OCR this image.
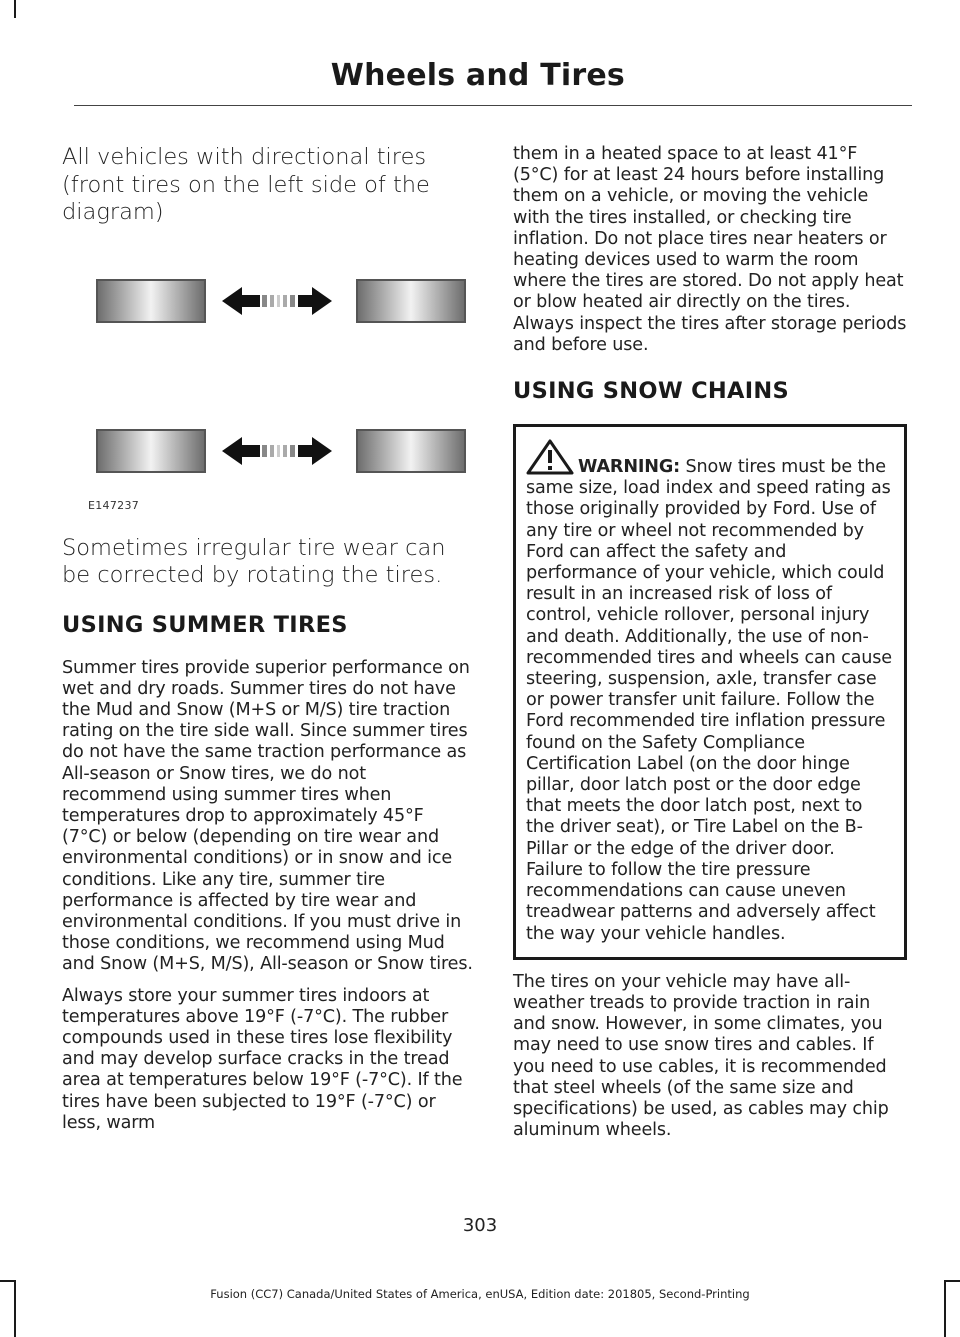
Wheels and Tires

All vehicles with directional tires (front tires on the left side of the diagram)

E147237

Sometimes irregular tire wear can be corrected by rotating the tires.

USING SUMMER TIRES

Summer tires provide superior performance on wet and dry roads. Summer tires do not have the Mud and Snow (M+S or M/S) tire traction rating on the tire side wall. Since summer tires do not have the same traction performance as All-season or Snow tires, we do not recommend using summer tires when temperatures drop to approximately 45°F (7°C) or below (depending on tire wear and environmental conditions) or in snow and ice conditions. Like any tire, summer tire performance is affected by tire wear and environmental conditions. If you must drive in those conditions, we recommend using Mud and Snow (M+S, M/S), All-season or Snow tires.

Always store your summer tires indoors at temperatures above 19°F (-7°C). The rubber compounds used in these tires lose flexibility and may develop surface cracks in the tread area at temperatures below 19°F (-7°C). If the tires have been subjected to 19°F (-7°C) or less, warm

them in a heated space to at least 41°F (5°C) for at least 24 hours before installing them on a vehicle, or moving the vehicle with the tires installed, or checking tire inflation. Do not place tires near heaters or heating devices used to warm the room where the tires are stored. Do not apply heat or blow heated air directly on the tires. Always inspect the tires after storage periods and before use.

USING SNOW CHAINS

WARNING: Snow tires must be the same size, load index and speed rating as those originally provided by Ford. Use of any tire or wheel not recommended by Ford can affect the safety and performance of your vehicle, which could result in an increased risk of loss of control, vehicle rollover, personal injury and death. Additionally, the use of non-recommended tires and wheels can cause steering, suspension, axle, transfer case or power transfer unit failure. Follow the Ford recommended tire inflation pressure found on the Safety Compliance Certification Label (on the door hinge pillar, door latch post or the door edge that meets the door latch post, next to the driver seat), or Tire Label on the B-Pillar or the edge of the driver door. Failure to follow the tire pressure recommendations can cause uneven treadwear patterns and adversely affect the way your vehicle handles.

The tires on your vehicle may have all-weather treads to provide traction in rain and snow. However, in some climates, you may need to use snow tires and cables. If you need to use cables, it is recommended that steel wheels (of the same size and specifications) be used, as cables may chip aluminum wheels.

303
Fusion (CC7) Canada/United States of America, enUSA, Edition date: 201805, Second-Printing
